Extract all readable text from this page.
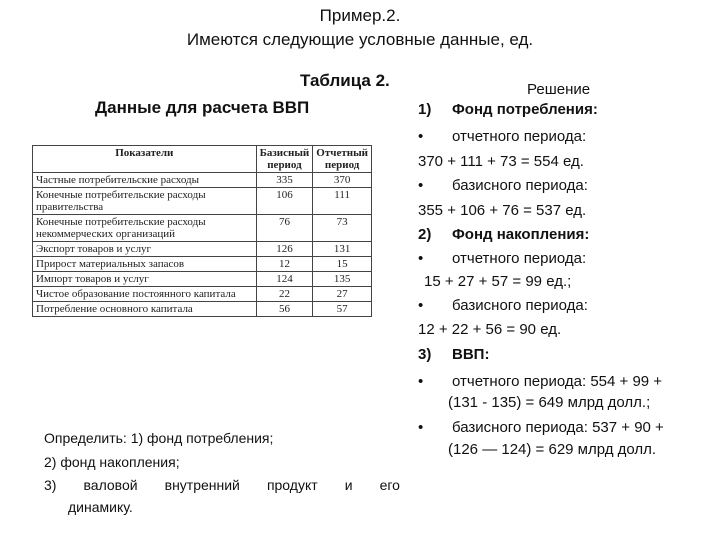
Пример.2.
Имеются следующие условные данные, ед.
Таблица 2.
Данные для расчета ВВП
Показатели	Базисный период	Отчетный период
Частные потребительские расходы	335	370
Конечные потребительские расходы правительства	106	111
Конечные потребительские расходы некоммерческих организаций	76	73
Экспорт товаров и услуг	126	131
Прирост материальных запасов	12	15
Импорт товаров и услуг	124	135
Чистое образование постоянного капитала	22	27
Потребление основного капитала	56	57
Определить: 1) фонд потребления;
2) фонд накопления;
3) валовой внутренний продукт и его
динамику.
Решение
1) Фонд потребления:
• отчетного периода:
370 + 111 + 73 = 554 ед.
• базисного периода:
355 + 106 + 76 = 537 ед.
2) Фонд накопления:
• отчетного периода:
15 + 27 + 57 = 99 ед.;
• базисного периода:
12 + 22 + 56 = 90 ед.
3) ВВП:
• отчетного периода: 554 + 99 +
(131 - 135) = 649 млрд долл.;
• базисного периода: 537 + 90 +
(126 — 124) = 629 млрд долл.
